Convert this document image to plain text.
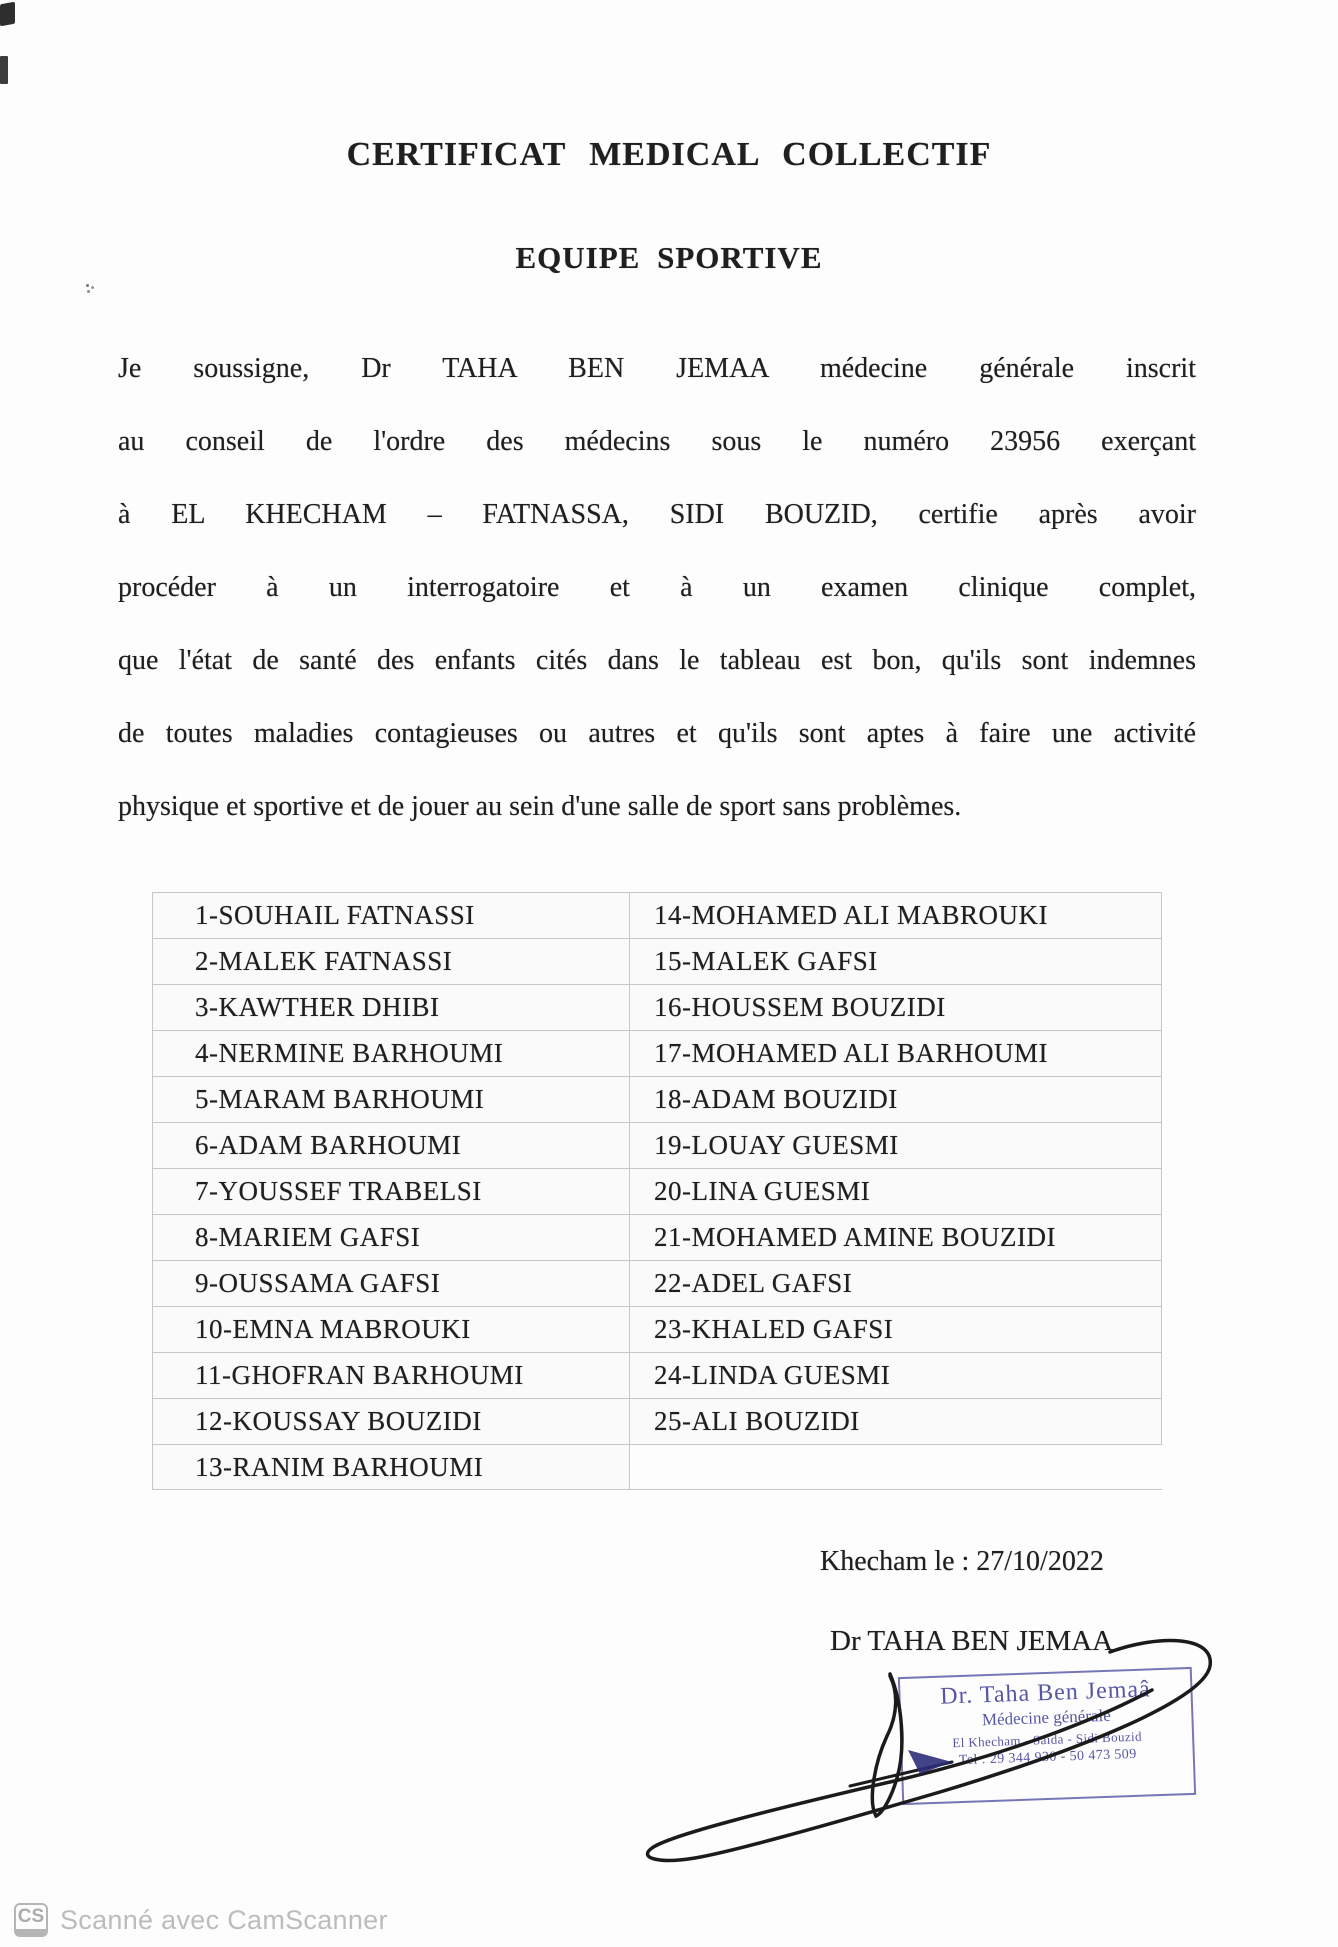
CERTIFICAT MEDICAL COLLECTIF
EQUIPE SPORTIVE
Je soussigne, Dr TAHA BEN JEMAA médecine générale inscrit
au conseil de l'ordre des médecins sous le numéro 23956 exerçant
à EL KHECHAM – FATNASSA, SIDI BOUZID, certifie après avoir
procéder à un interrogatoire et à un examen clinique complet,
que l'état de santé des enfants cités dans le tableau est bon, qu'ils sont indemnes
de toutes maladies contagieuses ou autres et qu'ils sont aptes à faire une activité
physique et sportive et de jouer au sein d'une salle de sport sans problèmes.
1-SOUHAIL FATNASSI	14-MOHAMED ALI MABROUKI
2-MALEK FATNASSI	15-MALEK GAFSI
3-KAWTHER DHIBI	16-HOUSSEM BOUZIDI
4-NERMINE BARHOUMI	17-MOHAMED ALI BARHOUMI
5-MARAM BARHOUMI	18-ADAM BOUZIDI
6-ADAM BARHOUMI	19-LOUAY GUESMI
7-YOUSSEF TRABELSI	20-LINA GUESMI
8-MARIEM GAFSI	21-MOHAMED AMINE BOUZIDI
9-OUSSAMA GAFSI	22-ADEL GAFSI
10-EMNA MABROUKI	23-KHALED GAFSI
11-GHOFRAN BARHOUMI	24-LINDA GUESMI
12-KOUSSAY BOUZIDI	25-ALI BOUZIDI
13-RANIM BARHOUMI
Khecham le : 27/10/2022
Dr TAHA BEN JEMAA
Dr. Taha Ben Jemaâ
Médecine générale
El Khecham - Saida - Sidi Bouzid
Tel : 29 344 930 - 50 473 509
CS Scanné avec CamScanner
